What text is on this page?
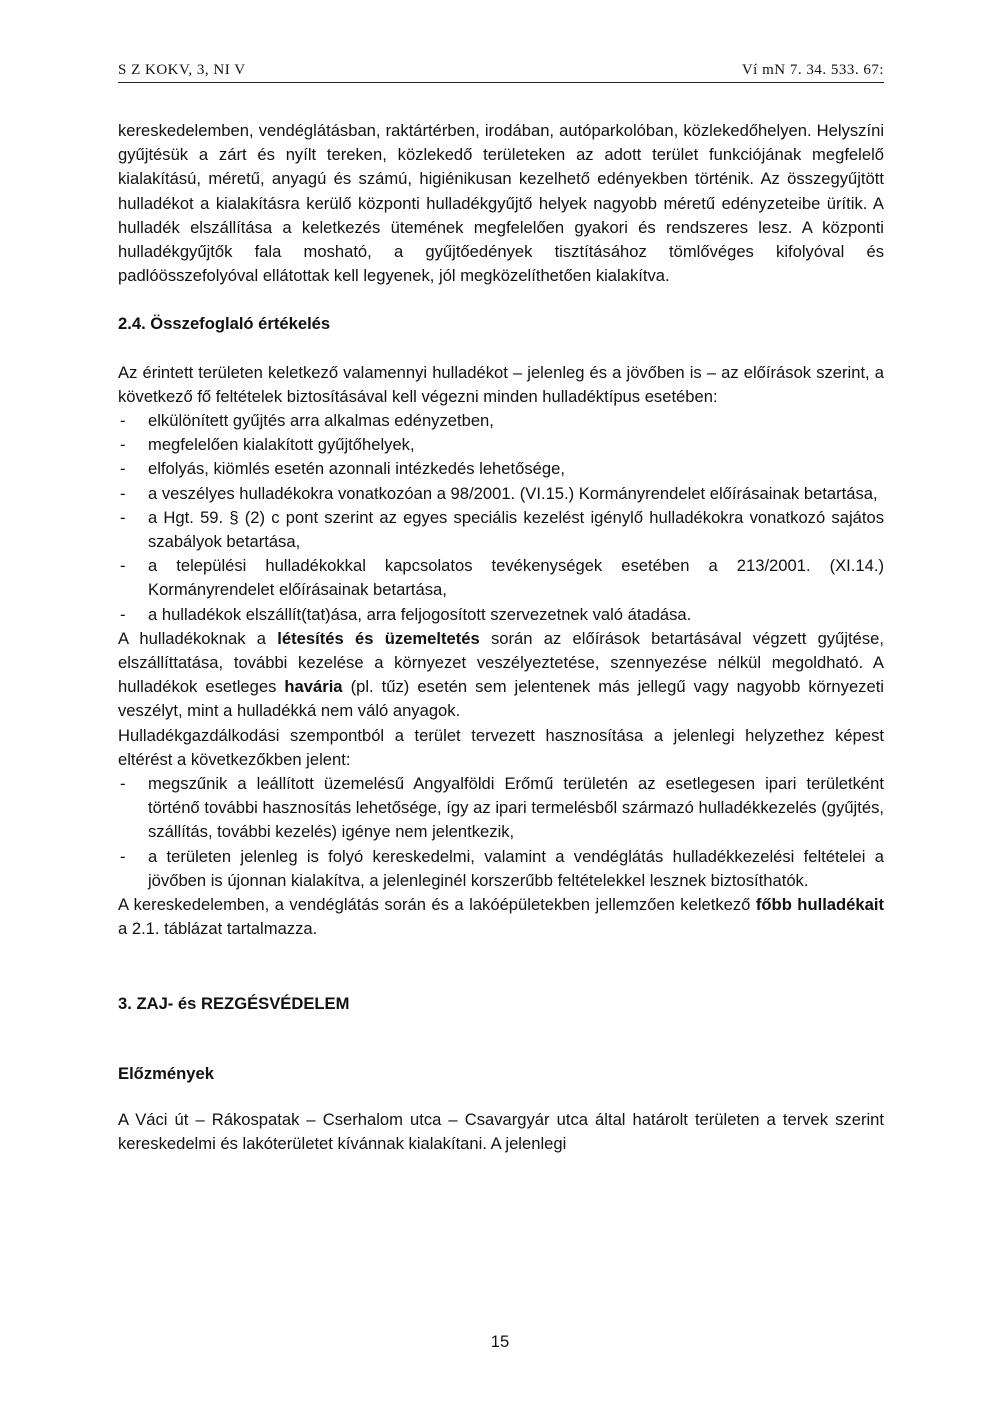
S Z KOKV, 3, NI V	Ví mN 7. 34. 533. 67:

kereskedelemben, vendéglátásban, raktártérben, irodában, autóparkolóban, közlekedőhelyen. Helyszíni gyűjtésük a zárt és nyílt tereken, közlekedő területeken az adott terület funkciójának megfelelő kialakítású, méretű, anyagú és számú, higiénikusan kezelhető edényekben történik. Az összegyűjtött hulladékot a kialakításra kerülő központi hulladékgyűjtő helyek nagyobb méretű edényzeteibe ürítik. A hulladék elszállítása a keletkezés ütemének megfelelően gyakori és rendszeres lesz. A központi hulladékgyűjtők fala mosható, a gyűjtőedények tisztításához tömlővéges kifolyóval és padlóösszefolyóval ellátottak kell legyenek, jól megközelíthetően kialakítva.

2.4. Összefoglaló értékelés

Az érintett területen keletkező valamennyi hulladékot – jelenleg és a jövőben is – az előírások szerint, a következő fő feltételek biztosításával kell végezni minden hulladéktípus esetében:

- elkülönített gyűjtés arra alkalmas edényzetben,
- megfelelően kialakított gyűjtőhelyek,
- elfolyás, kiömlés esetén azonnali intézkedés lehetősége,
- a veszélyes hulladékokra vonatkozóan a 98/2001. (VI.15.) Kormányrendelet előírásainak betartása,
- a Hgt. 59. § (2) c pont szerint az egyes speciális kezelést igénylő hulladékokra vonatkozó sajátos szabályok betartása,
- a települési hulladékokkal kapcsolatos tevékenységek esetében a 213/2001. (XI.14.) Kormányrendelet előírásainak betartása,
- a hulladékok elszállít(tat)ása, arra feljogosított szervezetnek való átadása.

A hulladékoknak a létesítés és üzemeltetés során az előírások betartásával végzett gyűjtése, elszállíttatása, további kezelése a környezet veszélyeztetése, szennyezése nélkül megoldható. A hulladékok esetleges havária (pl. tűz) esetén sem jelentenek más jellegű vagy nagyobb környezeti veszélyt, mint a hulladékká nem váló anyagok.

Hulladékgazdálkodási szempontból a terület tervezett hasznosítása a jelenlegi helyzethez képest eltérést a következőkben jelent:

- megszűnik a leállított üzemelésű Angyalföldi Erőmű területén az esetlegesen ipari területként történő további hasznosítás lehetősége, így az ipari termelésből származó hulladékkezelés (gyűjtés, szállítás, további kezelés) igénye nem jelentkezik,
- a területen jelenleg is folyó kereskedelmi, valamint a vendéglátás hulladékkezelési feltételei a jövőben is újonnan kialakítva, a jelenleginél korszerűbb feltételekkel lesznek biztosíthatók.

A kereskedelemben, a vendéglátás során és a lakóépületekben jellemzően keletkező főbb hulladékait a 2.1. táblázat tartalmazza.

3. ZAJ- és REZGÉSVÉDELEM

Előzmények

A Váci út – Rákospatak – Cserhalom utca – Csavargyár utca által határolt területen a tervek szerint kereskedelmi és lakóterületet kívánnak kialakítani. A jelenlegi

15
